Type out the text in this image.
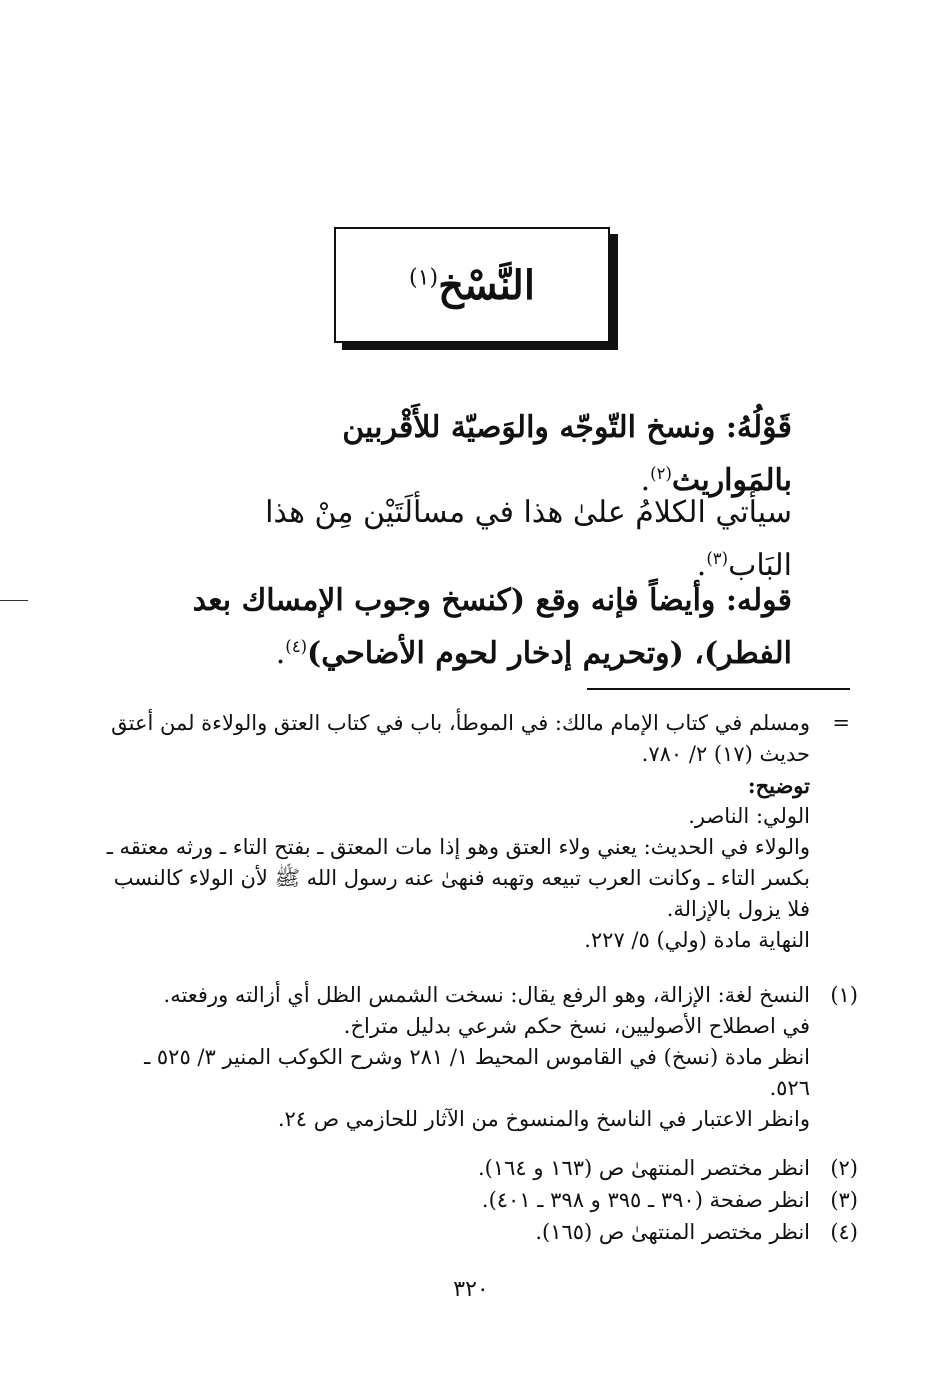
النَّسْخ$^{(١)}$
قَوْلُهُ: ونسخ التّوجّه والوَصيّة للأَقْربين بالمَواريث$^{(٢)}$.
سيأتي الكلامُ علىٰ هذا في مسألَتَيْن مِنْ هذا البَاب$^{(٣)}$.
قوله: وأيضاً فإنه وقع (كنسخ وجوب الإمساك بعد الفطر)، (وتحريم إدخار لحوم الأضاحي)$^{(٤)}$.
=
ومسلم في كتاب الإمام مالك: في الموطأ، باب في كتاب العتق والولاءة لمن أعتق حديث (١٧) ٢/ ٧٨٠.
توضيح:
الولي: الناصر.
والولاء في الحديث: يعني ولاء العتق وهو إذا مات المعتق ـ بفتح التاء ـ ورثه معتقه ـ بكسر التاء ـ وكانت العرب تبيعه وتهبه فنهىٰ عنه رسول الله ﷺ لأن الولاء كالنسب فلا يزول بالإزالة.
النهاية مادة (ولي) ٥/ ٢٢٧.
(١)
النسخ لغة: الإزالة، وهو الرفع يقال: نسخت الشمس الظل أي أزالته ورفعته.
في اصطلاح الأصوليين، نسخ حكم شرعي بدليل متراخ.
انظر مادة (نسخ) في القاموس المحيط ١/ ٢٨١ وشرح الكوكب المنير ٣/ ٥٢٥ ـ ٥٢٦.
وانظر الاعتبار في الناسخ والمنسوخ من الآثار للحازمي ص ٢٤.
(٢)
انظر مختصر المنتهىٰ ص (١٦٣ و ١٦٤).
(٣)
انظر صفحة (٣٩٠ ـ ٣٩٥ و ٣٩٨ ـ ٤٠١).
(٤)
انظر مختصر المنتهىٰ ص (١٦٥).
٣٢٠
